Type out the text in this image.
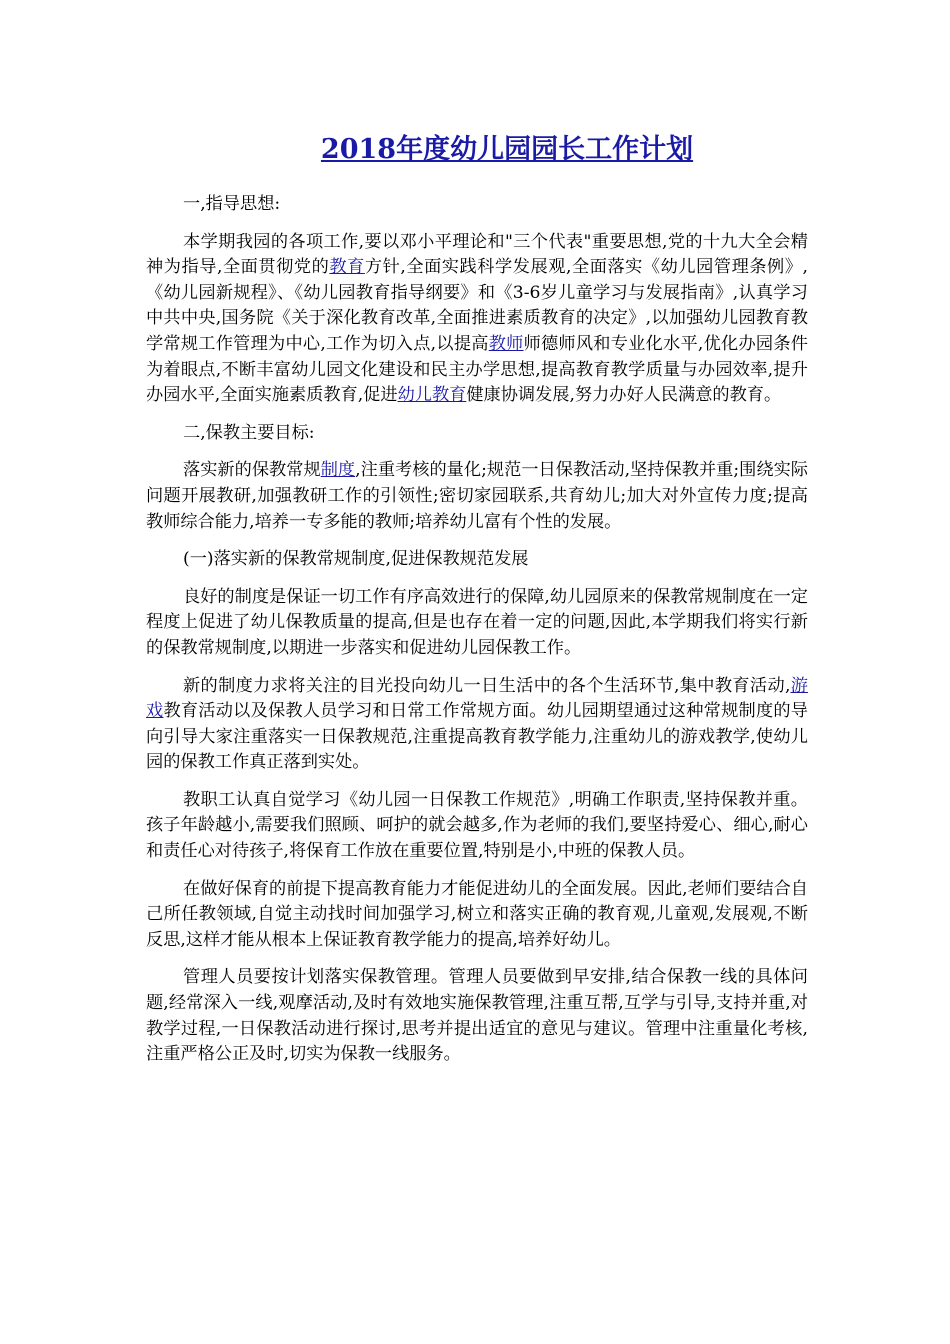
2018年度幼儿园园长工作计划

一,指导思想:

本学期我园的各项工作,要以邓小平理论和"三个代表"重要思想,党的十九大全会精神为指导,全面贯彻党的教育方针,全面实践科学发展观,全面落实《幼儿园管理条例》,《幼儿园新规程》、《幼儿园教育指导纲要》和《3-6岁儿童学习与发展指南》,认真学习中共中央,国务院《关于深化教育改革,全面推进素质教育的决定》,以加强幼儿园教育教学常规工作管理为中心,工作为切入点,以提高教师师德师风和专业化水平,优化办园条件为着眼点,不断丰富幼儿园文化建设和民主办学思想,提高教育教学质量与办园效率,提升办园水平,全面实施素质教育,促进幼儿教育健康协调发展,努力办好人民满意的教育。

二,保教主要目标:

落实新的保教常规制度,注重考核的量化;规范一日保教活动,坚持保教并重;围绕实际问题开展教研,加强教研工作的引领性;密切家园联系,共育幼儿;加大对外宣传力度;提高教师综合能力,培养一专多能的教师;培养幼儿富有个性的发展。

(一)落实新的保教常规制度,促进保教规范发展

良好的制度是保证一切工作有序高效进行的保障,幼儿园原来的保教常规制度在一定程度上促进了幼儿保教质量的提高,但是也存在着一定的问题,因此,本学期我们将实行新的保教常规制度,以期进一步落实和促进幼儿园保教工作。

新的制度力求将关注的目光投向幼儿一日生活中的各个生活环节,集中教育活动,游戏教育活动以及保教人员学习和日常工作常规方面。幼儿园期望通过这种常规制度的导向引导大家注重落实一日保教规范,注重提高教育教学能力,注重幼儿的游戏教学,使幼儿园的保教工作真正落到实处。

教职工认真自觉学习《幼儿园一日保教工作规范》,明确工作职责,坚持保教并重。孩子年龄越小,需要我们照顾、呵护的就会越多,作为老师的我们,要坚持爱心、细心,耐心和责任心对待孩子,将保育工作放在重要位置,特别是小,中班的保教人员。

在做好保育的前提下提高教育能力才能促进幼儿的全面发展。因此,老师们要结合自己所任教领域,自觉主动找时间加强学习,树立和落实正确的教育观,儿童观,发展观,不断反思,这样才能从根本上保证教育教学能力的提高,培养好幼儿。

管理人员要按计划落实保教管理。管理人员要做到早安排,结合保教一线的具体问题,经常深入一线,观摩活动,及时有效地实施保教管理,注重互帮,互学与引导,支持并重,对教学过程,一日保教活动进行探讨,思考并提出适宜的意见与建议。管理中注重量化考核,注重严格公正及时,切实为保教一线服务。
